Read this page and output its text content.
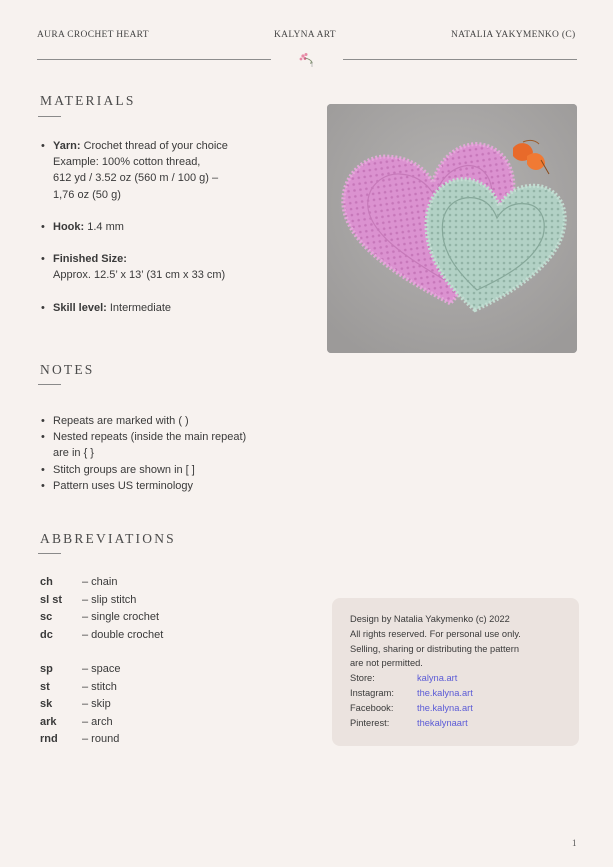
AURA CROCHET HEART	KALYNA ART	NATALIA YAKYMENKO (C)
MATERIALS
• Yarn: Crochet thread of your choice
Example: 100% cotton thread,
612 yd / 3.52 oz (560 m / 100 g) –
1,76 oz (50 g)
• Hook: 1.4 mm
• Finished Size:
Approx. 12.5’ x 13’ (31 cm x 33 cm)
• Skill level: Intermediate
NOTES
• Repeats are marked with ( )
• Nested repeats (inside the main repeat)
are in { }
• Stitch groups are shown in [ ]
• Pattern uses US terminology
ABBREVIATIONS
ch	– chain
sl st	– slip stitch
sc	– single crochet
dc	– double crochet
sp	– space
st	– stitch
sk	– skip
ark	– arch
rnd	– round
Design by Natalia Yakymenko (c) 2022
All rights reserved. For personal use only.
Selling, sharing or distributing the pattern
are not permitted.
Store:	kalyna.art
Instagram:	the.kalyna.art
Facebook:	the.kalyna.art
Pinterest:	thekalynaart
1
